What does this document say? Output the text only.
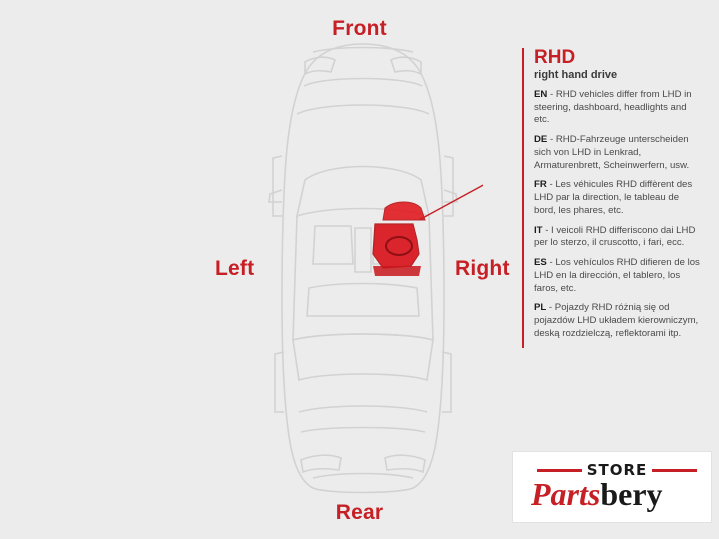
Front
Rear
Left	Right
RHD
right hand drive

EN - RHD vehicles differ from LHD in steering, dashboard, headlights and etc.

DE - RHD-Fahrzeuge unterscheiden sich von LHD in Lenkrad, Armaturenbrett, Scheinwerfern, usw.

FR - Les véhicules RHD diffèrent des LHD par la direction, le tableau de bord, les phares, etc.

IT - I veicoli RHD differiscono dai LHD per lo sterzo, il cruscotto, i fari, ecc.

ES - Los vehículos RHD difieren de los LHD en la dirección, el tablero, los faros, etc.

PL - Pojazdy RHD różnią się od pojazdów LHD układem kierowniczym, deską rozdzielczą, reflektorami itp.

STORE
Partsbery
